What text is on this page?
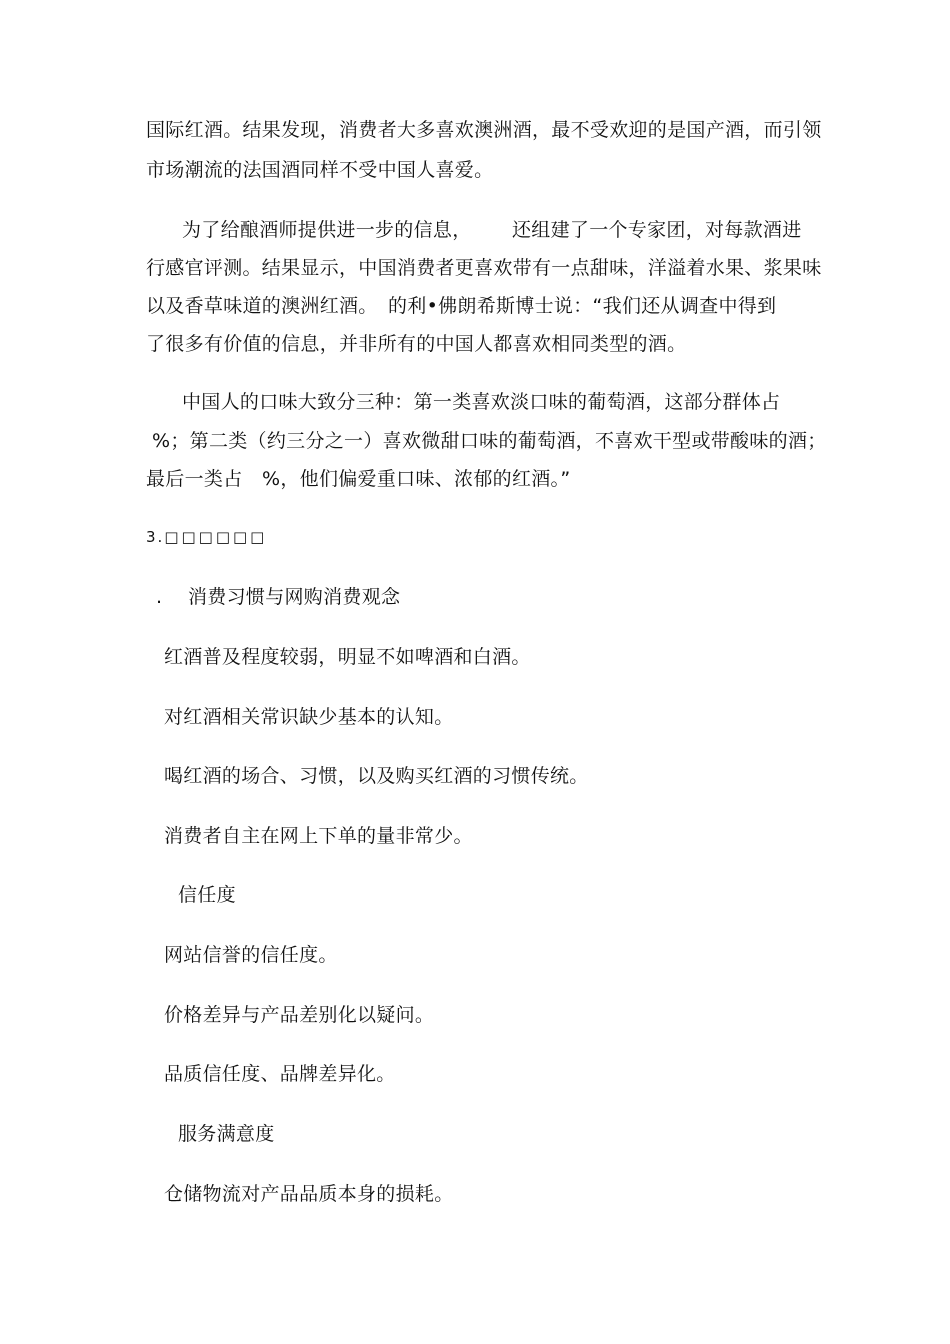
国际红酒。结果发现，消费者大多喜欢澳洲酒，最不受欢迎的是国产酒，而引领
市场潮流的法国酒同样不受中国人喜爱。
为了给酿酒师提供进一步的信息， 还组建了一个专家团，对每款酒进
行感官评测。结果显示，中国消费者更喜欢带有一点甜味，洋溢着水果、浆果味
以及香草味道的澳洲红酒。 的利•佛朗希斯博士说：“我们还从调查中得到
了很多有价值的信息，并非所有的中国人都喜欢相同类型的酒。
中国人的口味大致分三种：第一类喜欢淡口味的葡萄酒，这部分群体占
%；第二类（约三分之一）喜欢微甜口味的葡萄酒，不喜欢干型或带酸味的酒；
最后一类占 %，他们偏爱重口味、浓郁的红酒。”
3.□□□□□□
. 消费习惯与网购消费观念
红酒普及程度较弱，明显不如啤酒和白酒。
对红酒相关常识缺少基本的认知。
喝红酒的场合、习惯，以及购买红酒的习惯传统。
消费者自主在网上下单的量非常少。
信任度
网站信誉的信任度。
价格差异与产品差别化以疑问。
品质信任度、品牌差异化。
服务满意度
仓储物流对产品品质本身的损耗。
